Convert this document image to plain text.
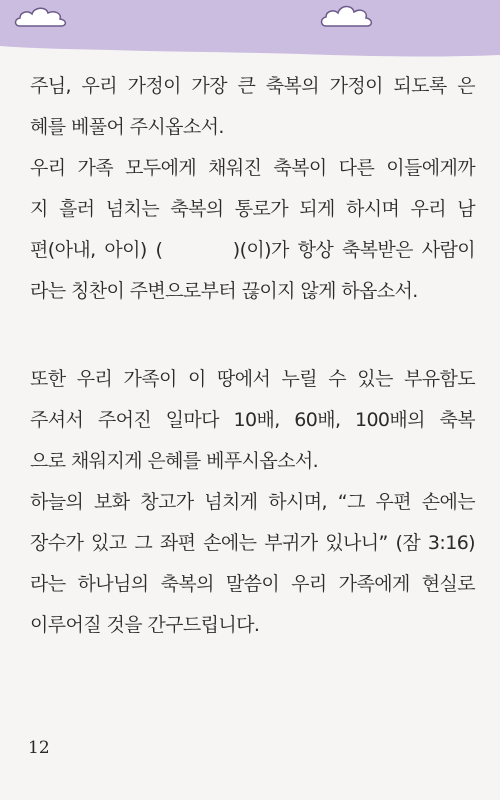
주님, 우리 가정이 가장 큰 축복의 가정이 되도록 은
혜를 베풀어 주시옵소서.
우리 가족 모두에게 채워진 축복이 다른 이들에게까
지 흘러 넘치는 축복의 통로가 되게 하시며 우리 남
편(아내, 아이) (        )(이)가 항상 축복받은 사람이
라는 칭찬이 주변으로부터 끊이지 않게 하옵소서.
또한 우리 가족이 이 땅에서 누릴 수 있는 부유함도
주셔서 주어진 일마다 10배, 60배, 100배의 축복
으로 채워지게 은혜를 베푸시옵소서.
하늘의 보화 창고가 넘치게 하시며, “그 우편 손에는
장수가 있고 그 좌편 손에는 부귀가 있나니” (잠 3:16)
라는 하나님의 축복의 말씀이 우리 가족에게 현실로
이루어질 것을 간구드립니다.
12
